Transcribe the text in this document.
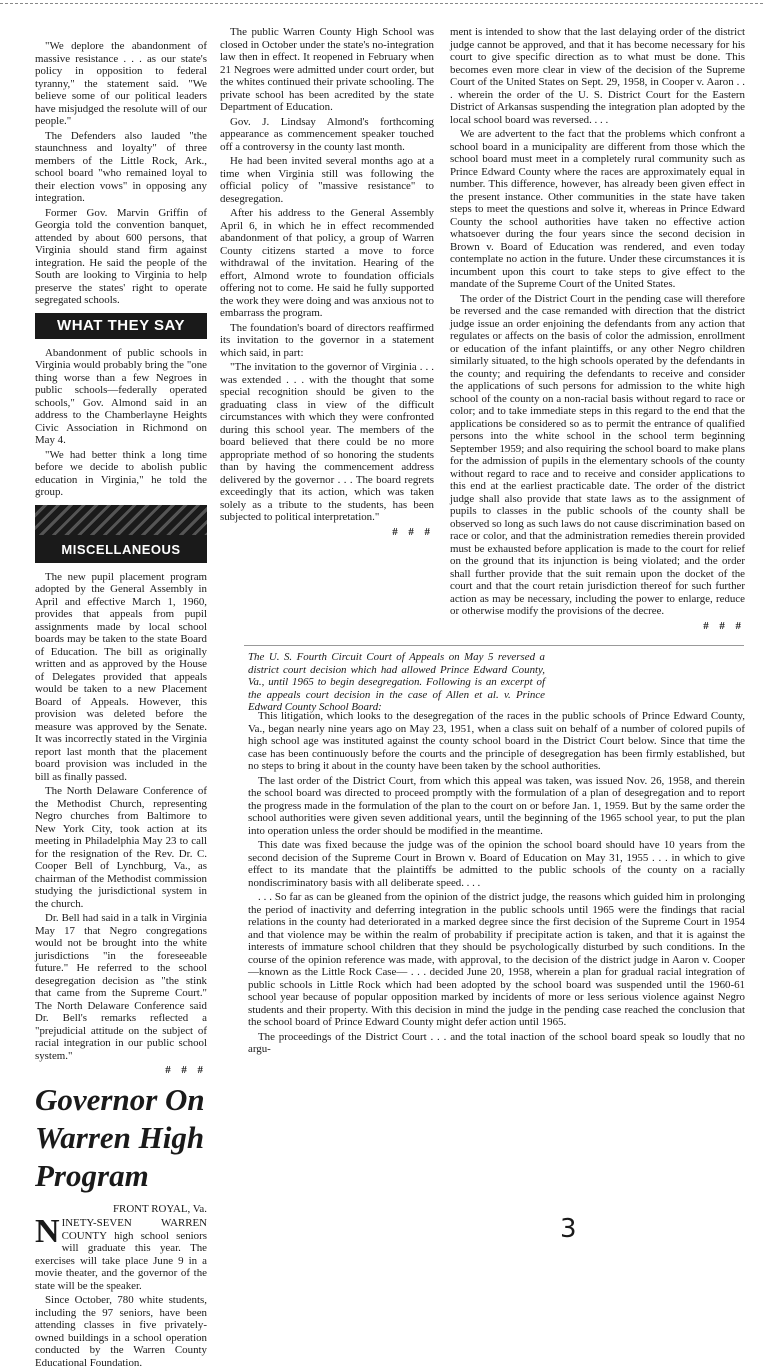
"We deplore the abandonment of massive resistance . . . as our state's policy in opposition to federal tyranny," the statement said. "We believe some of our political leaders have misjudged the resolute will of our people."

The Defenders also lauded "the staunchness and loyalty" of three members of the Little Rock, Ark., school board "who remained loyal to their election vows" in opposing any integration.

Former Gov. Marvin Griffin of Georgia told the convention banquet, attended by about 600 persons, that Virginia should stand firm against integration. He said the people of the South are looking to Virginia to help preserve the states' right to operate segregated schools.

WHAT THEY SAY

Abandonment of public schools in Virginia would probably bring the "one thing worse than a few Negroes in public schools—federally operated schools," Gov. Almond said in an address to the Chamberlayne Heights Civic Association in Richmond on May 4.

"We had better think a long time before we decide to abolish public education in Virginia," he told the group.

MISCELLANEOUS

The new pupil placement program adopted by the General Assembly in April and effective March 1, 1960, provides that appeals from pupil assignments made by local school boards may be taken to the state Board of Education. The bill as originally written and as approved by the House of Delegates provided that appeals would be taken to a new Placement Board of Appeals. However, this provision was deleted before the measure was approved by the Senate. It was incorrectly stated in the Virginia report last month that the placement board provision was included in the bill as finally passed.

The North Delaware Conference of the Methodist Church, representing Negro churches from Baltimore to New York City, took action at its meeting in Philadelphia May 23 to call for the resignation of the Rev. Dr. C. Cooper Bell of Lynchburg, Va., as chairman of the Methodist commission studying the jurisdictional system in the church.

Dr. Bell had said in a talk in Virginia May 17 that Negro congregations would not be brought into the white jurisdictions "in the foreseeable future." He referred to the school desegregation decision as "the stink that came from the Supreme Court." The North Delaware Conference said Dr. Bell's remarks reflected a "prejudicial attitude on the subject of racial integration in our public school system."

# # #
Governor On Warren High Program
FRONT ROYAL, Va.

NINETY-SEVEN WARREN COUNTY high school seniors will graduate this year. The exercises will take place June 9 in a movie theater, and the governor of the state will be the speaker.

Since October, 780 white students, including the 97 seniors, have been attending classes in five privately-owned buildings in a school operation conducted by the Warren County Educational Foundation.

The public Warren County High School was closed in October under the state's no-integration law then in effect. It reopened in February when 21 Negroes were admitted under court order, but the whites continued their private schooling. The private school has been acredited by the state Department of Education.

Gov. J. Lindsay Almond's forthcoming appearance as commencement speaker touched off a controversy in the county last month.

He had been invited several months ago at a time when Virginia still was following the official policy of "massive resistance" to desegregation.

After his address to the General Assembly April 6, in which he in effect recommended abandonment of that policy, a group of Warren County citizens started a move to force withdrawal of the invitation. Hearing of the effort, Almond wrote to foundation officials offering not to come. He said he fully supported the work they were doing and was anxious not to embarrass the program.

The foundation's board of directors reaffirmed its invitation to the governor in a statement which said, in part:

"The invitation to the governor of Virginia . . . was extended . . . with the thought that some special recognition should be given to the graduating class in view of the difficult circumstances with which they were confronted during this school year. The members of the board believed that there could be no more appropriate method of so honoring the students than by having the commencement address delivered by the governor . . . The board regrets exceedingly that its action, which was taken solely as a tribute to the students, has been subjected to political interpretation."

# # #

ment is intended to show that the last delaying order of the district judge cannot be approved, and that it has become necessary for his court to give specific direction as to what must be done. This becomes even more clear in view of the decision of the Supreme Court of the United States on Sept. 29, 1958, in Cooper v. Aaron . . . wherein the order of the U. S. District Court for the Eastern District of Arkansas suspending the integration plan adopted by the local school board was reversed. . . .

We are advertent to the fact that the problems which confront a school board in a municipality are different from those which the school board must meet in a completely rural community such as Prince Edward County where the races are approximately equal in number. This difference, however, has already been given effect in the present instance. Other communities in the state have taken steps to meet the questions and solve it, whereas in Prince Edward County the school authorities have taken no effective action whatsoever during the four years since the second decision in Brown v. Board of Education was rendered, and even today contemplate no action in the future. Under these circumstances it is incumbent upon this court to take steps to give effect to the mandate of the Supreme Court of the United States.

The order of the District Court in the pending case will therefore be reversed and the case remanded with direction that the district judge issue an order enjoining the defendants from any action that regulates or affects on the basis of color the admission, enrollment or education of the infant plaintiffs, or any other Negro children similarly situated, to the high schools operated by the defendants in the county; and requiring the defendants to receive and consider the applications of such persons for admission to the white high school of the county on a non-racial basis without regard to race or color; and to take immediate steps in this regard to the end that the applications be considered so as to permit the entrance of qualified persons into the white school in the school term beginning September 1959; and also requiring the school board to make plans for the admission of pupils in the elementary schools of the county without regard to race and to receive and consider applications to this end at the earliest practicable date. The order of the district judge shall also provide that state laws as to the assignment of pupils to classes in the public schools of the county shall be observed so long as such laws do not cause discrimination based on race or color, and that the administration remedies therein provided must be exhausted before application is made to the court for relief on the ground that its injunction is being violated; and the order shall further provide that the suit remain upon the docket of the court and that the court retain jurisdiction thereof for such further action as may be necessary, including the power to enlarge, reduce or otherwise modify the provisions of the decree.

# # #

The U. S. Fourth Circuit Court of Appeals on May 5 reversed a district court decision which had allowed Prince Edward County, Va., until 1965 to begin desegregation. Following is an excerpt of the appeals court decision in the case of Allen et al. v. Prince Edward County School Board:

This litigation, which looks to the desegregation of the races in the public schools of Prince Edward County, Va., began nearly nine years ago on May 23, 1951, when a class suit on behalf of a number of colored pupils of high school age was instituted against the county school board in the District Court below. Since that time the case has been continuously before the courts and the principle of desegregation has been firmly established, but no steps to bring it about in the county have been taken by the school authorities.

The last order of the District Court, from which this appeal was taken, was issued Nov. 26, 1958, and therein the school board was directed to proceed promptly with the formulation of a plan of desegregation and to report the progress made in the formulation of the plan to the court on or before Jan. 1, 1959. But by the same order the school authorities were given seven additional years, until the beginning of the 1965 school year, to put the plan into operation unless the order should be modified in the meantime.

This date was fixed because the judge was of the opinion the school board should have 10 years from the second decision of the Supreme Court in Brown v. Board of Education on May 31, 1955 . . . in which to give effect to its mandate that the plaintiffs be admitted to the public schools of the county on a racially nondiscriminatory basis with all deliberate speed. . . .

. . . So far as can be gleaned from the opinion of the district judge, the reasons which guided him in prolonging the period of inactivity and deferring integration in the public schools until 1965 were the findings that racial relations in the county had deteriorated in a marked degree since the first decision of the Supreme Court in 1954 and that violence may be within the realm of probability if precipitate action is taken, and that it is against the interests of immature school children that they should be psychologically disturbed by such conditions. In the course of the opinion reference was made, with approval, to the decision of the district judge in Aaron v. Cooper—known as the Little Rock Case— . . . decided June 20, 1958, wherein a plan for gradual racial integration of public schools in Little Rock which had been adopted by the school board was suspended until the 1960-61 school year because of popular opposition marked by incidents of more or less serious violence against Negro students and their property. With this decision in mind the judge in the pending case reached the conclusion that the school board of Prince Edward County might defer action until 1965.

The proceedings of the District Court . . . and the total inaction of the school board speak so loudly that no argu-

3
